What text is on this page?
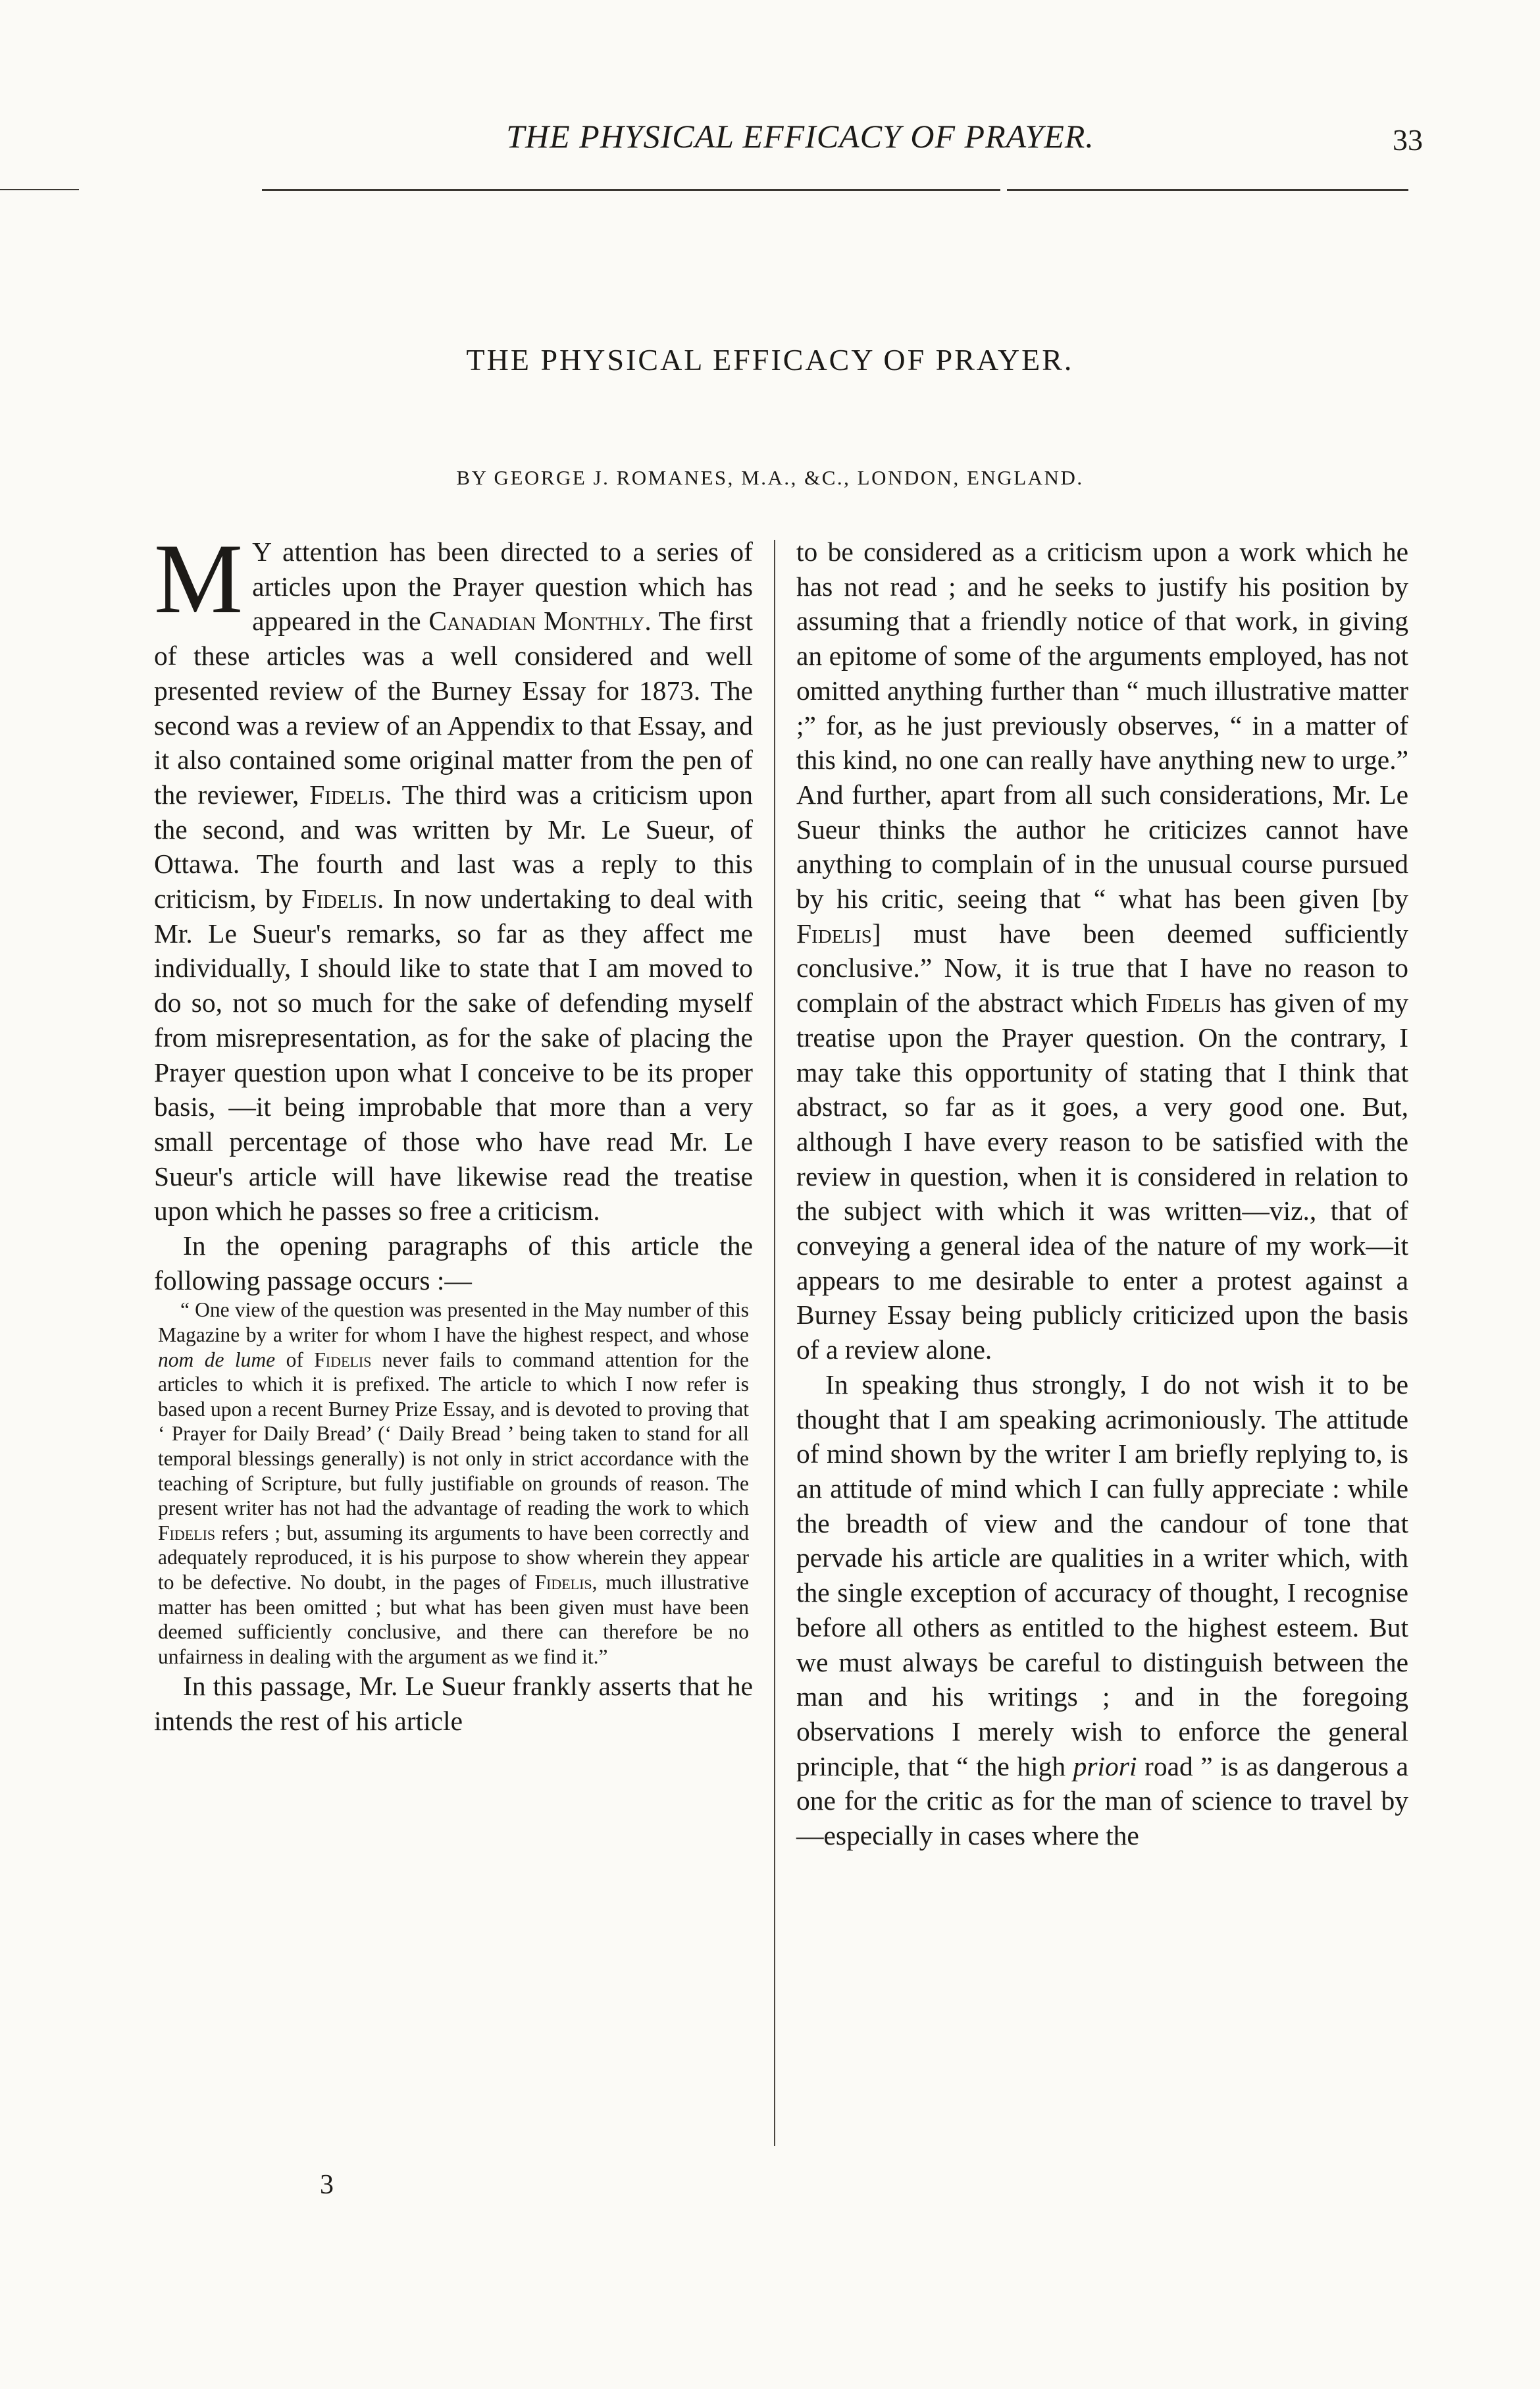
THE PHYSICAL EFFICACY OF PRAYER.	33
THE PHYSICAL EFFICACY OF PRAYER.
BY GEORGE J. ROMANES, M.A., &C., LONDON, ENGLAND.

M Y attention has been directed to a series of articles upon the Prayer question which has appeared in the Canadian Monthly. The first of these articles was a well considered and well presented review of the Burney Essay for 1873. The second was a review of an Appendix to that Essay, and it also contained some original matter from the pen of the reviewer, Fidelis. The third was a criticism upon the second, and was written by Mr. Le Sueur, of Ottawa. The fourth and last was a reply to this criticism, by Fidelis. In now undertaking to deal with Mr. Le Sueur's remarks, so far as they affect me individually, I should like to state that I am moved to do so, not so much for the sake of defending myself from misrepresentation, as for the sake of placing the Prayer question upon what I conceive to be its proper basis, —it being improbable that more than a very small percentage of those who have read Mr. Le Sueur's article will have likewise read the treatise upon which he passes so free a criticism.

In the opening paragraphs of this article the following passage occurs :—

“ One view of the question was presented in the May number of this Magazine by a writer for whom I have the highest respect, and whose nom de lume of Fidelis never fails to command attention for the articles to which it is prefixed. The article to which I now refer is based upon a recent Burney Prize Essay, and is devoted to proving that ‘ Prayer for Daily Bread’ (‘ Daily Bread ’ being taken to stand for all temporal blessings generally) is not only in strict accordance with the teaching of Scripture, but fully justifiable on grounds of reason. The present writer has not had the advantage of reading the work to which Fidelis refers ; but, assuming its arguments to have been correctly and adequately reproduced, it is his purpose to show wherein they appear to be defective. No doubt, in the pages of Fidelis, much illustrative matter has been omitted ; but what has been given must have been deemed sufficiently conclusive, and there can therefore be no unfairness in dealing with the argument as we find it.”

In this passage, Mr. Le Sueur frankly asserts that he intends the rest of his article

to be considered as a criticism upon a work which he has not read ; and he seeks to justify his position by assuming that a friendly notice of that work, in giving an epitome of some of the arguments employed, has not omitted anything further than “ much illustrative matter ;” for, as he just previously observes, “ in a matter of this kind, no one can really have anything new to urge.” And further, apart from all such considerations, Mr. Le Sueur thinks the author he criticizes cannot have anything to complain of in the unusual course pursued by his critic, seeing that “ what has been given [by Fidelis] must have been deemed sufficiently conclusive.” Now, it is true that I have no reason to complain of the abstract which Fidelis has given of my treatise upon the Prayer question. On the contrary, I may take this opportunity of stating that I think that abstract, so far as it goes, a very good one. But, although I have every reason to be satisfied with the review in question, when it is considered in relation to the subject with which it was written—viz., that of conveying a general idea of the nature of my work—it appears to me desirable to enter a protest against a Burney Essay being publicly criticized upon the basis of a review alone.

In speaking thus strongly, I do not wish it to be thought that I am speaking acrimoniously. The attitude of mind shown by the writer I am briefly replying to, is an attitude of mind which I can fully appreciate : while the breadth of view and the candour of tone that pervade his article are qualities in a writer which, with the single exception of accuracy of thought, I recognise before all others as entitled to the highest esteem. But we must always be careful to distinguish between the man and his writings ; and in the foregoing observations I merely wish to enforce the general principle, that “ the high priori road ” is as dangerous a one for the critic as for the man of science to travel by—especially in cases where the

3
